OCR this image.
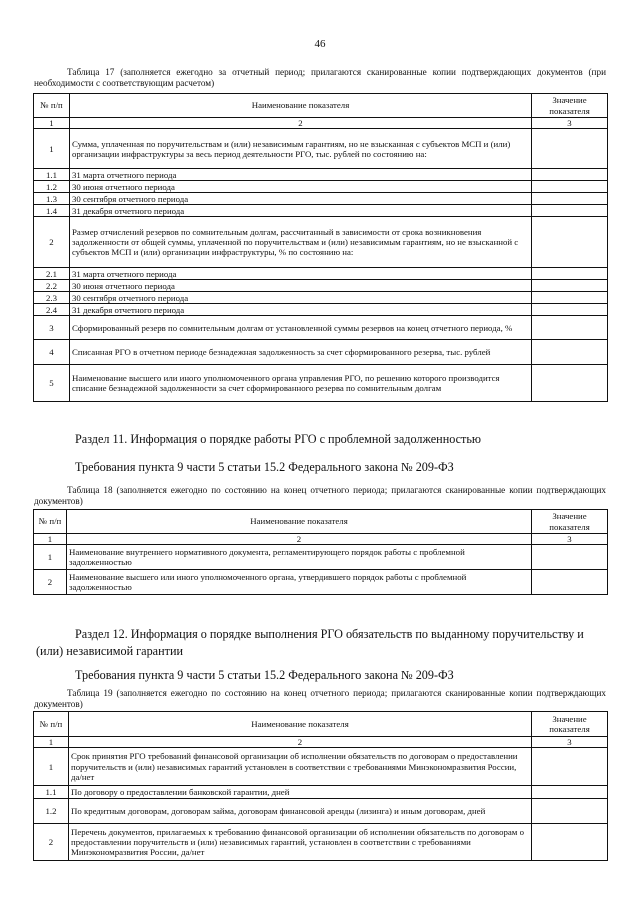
46
Таблица 17 (заполняется ежегодно за отчетный период; прилагаются сканированные копии подтверждающих документов (при необходимости с соответствующим расчетом)
№ п/п	Наименование показателя	Значение показателя
1	2	3
1	Сумма, уплаченная по поручительствам и (или) независимым гарантиям, но не взысканная с субъектов МСП и (или) организации инфраструктуры за весь период деятельности РГО, тыс. рублей по состоянию на:	
1.1	31 марта отчетного периода	
1.2	30 июня отчетного периода	
1.3	30 сентября отчетного периода	
1.4	31 декабря отчетного периода	
2	Размер отчислений резервов по сомнительным долгам, рассчитанный в зависимости от срока возникновения задолженности от общей суммы, уплаченной по поручительствам и (или) независимым гарантиям, но не взысканной с субъектов МСП и (или) организации инфраструктуры, % по состоянию на:	
2.1	31 марта отчетного периода	
2.2	30 июня отчетного периода	
2.3	30 сентября отчетного периода	
2.4	31 декабря отчетного периода	
3	Сформированный резерв по сомнительным долгам от установленной суммы резервов на конец отчетного периода, %	
4	Списанная РГО в отчетном периоде безнадежная задолженность за счет сформированного резерва, тыс. рублей	
5	Наименование высшего или иного уполномоченного органа управления РГО, по решению которого производится списание безнадежной задолженности за счет сформированного резерва по сомнительным долгам	
Раздел 11. Информация о порядке работы РГО с проблемной задолженностью
Требования пункта 9 части 5 статьи 15.2 Федерального закона № 209-ФЗ
Таблица 18 (заполняется ежегодно по состоянию на конец отчетного периода; прилагаются сканированные копии подтверждающих документов)
№ п/п	Наименование показателя	Значение показателя
1	2	3
1	Наименование внутреннего нормативного документа, регламентирующего порядок работы с проблемной задолженностью	
2	Наименование высшего или иного уполномоченного органа, утвердившего порядок работы с проблемной задолженностью	
Раздел 12. Информация о порядке выполнения РГО обязательств по выданному поручительству и (или) независимой гарантии
Требования пункта 9 части 5 статьи 15.2 Федерального закона № 209-ФЗ
Таблица 19 (заполняется ежегодно по состоянию на конец отчетного периода; прилагаются сканированные копии подтверждающих документов)
№ п/п	Наименование показателя	Значение показателя
1	2	3
1	Срок принятия РГО требований финансовой организации об исполнении обязательств по договорам о предоставлении поручительств и (или) независимых гарантий установлен в соответствии с требованиями Минэкономразвития России, да/нет	
1.1	По договору о предоставлении банковской гарантии, дней	
1.2	По кредитным договорам, договорам займа, договорам финансовой аренды (лизинга) и иным договорам, дней	
2	Перечень документов, прилагаемых к требованию финансовой организации об исполнении обязательств по договорам о предоставлении поручительств и (или) независимых гарантий, установлен в соответствии с требованиями Минэкономразвития России, да/нет	
